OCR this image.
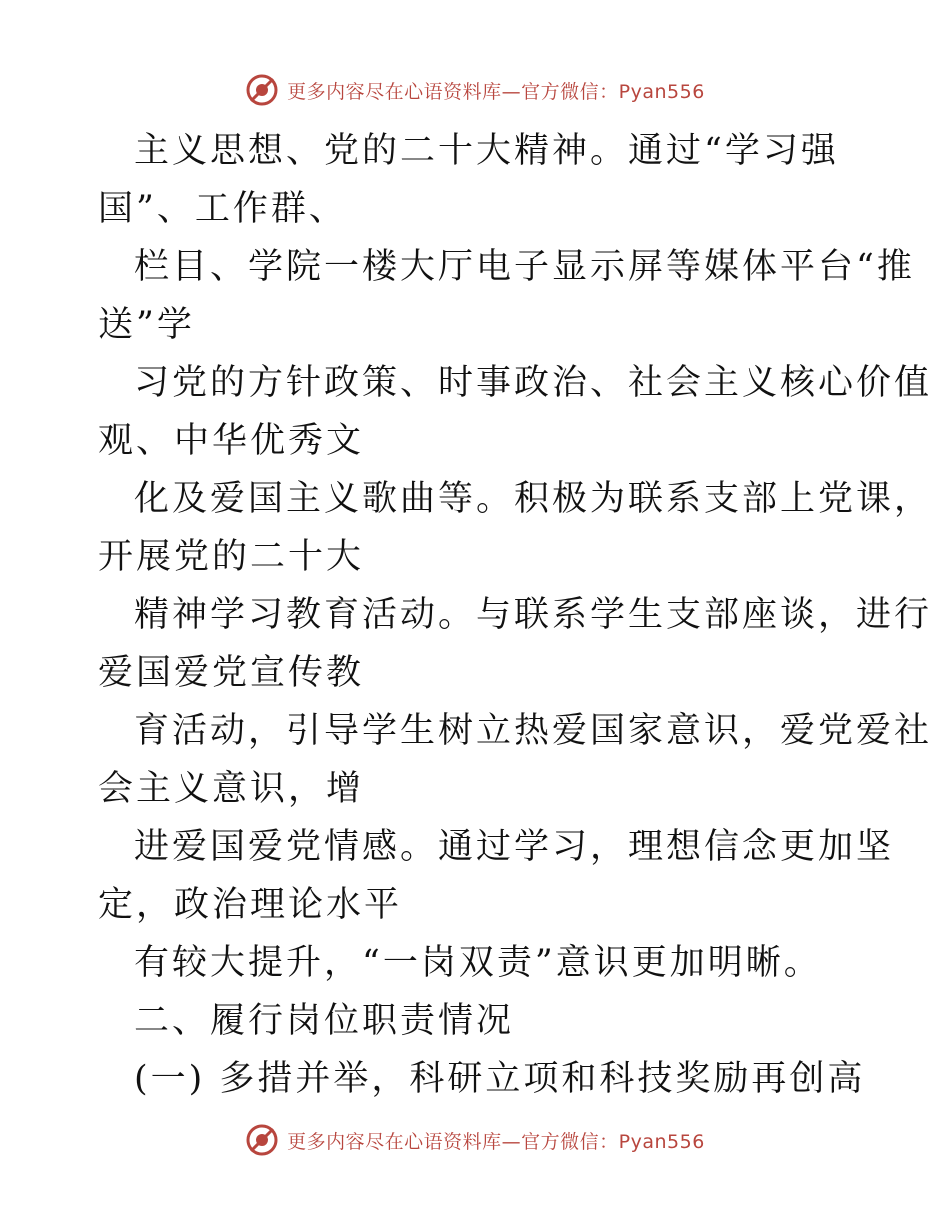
更多内容尽在心语资料库—官方微信：Pyan556
主义思想、党的二十大精神。通过“学习强
国”、工作群、
栏目、学院一楼大厅电子显示屏等媒体平台“推
送”学
习党的方针政策、时事政治、社会主义核心价值
观、中华优秀文
化及爱国主义歌曲等。积极为联系支部上党课，
开展党的二十大
精神学习教育活动。与联系学生支部座谈，进行
爱国爱党宣传教
育活动，引导学生树立热爱国家意识，爱党爱社
会主义意识，增
进爱国爱党情感。通过学习，理想信念更加坚
定，政治理论水平
有较大提升，“一岗双责”意识更加明晰。
二、履行岗位职责情况
(一) 多措并举，科研立项和科技奖励再创高
更多内容尽在心语资料库—官方微信：Pyan556
